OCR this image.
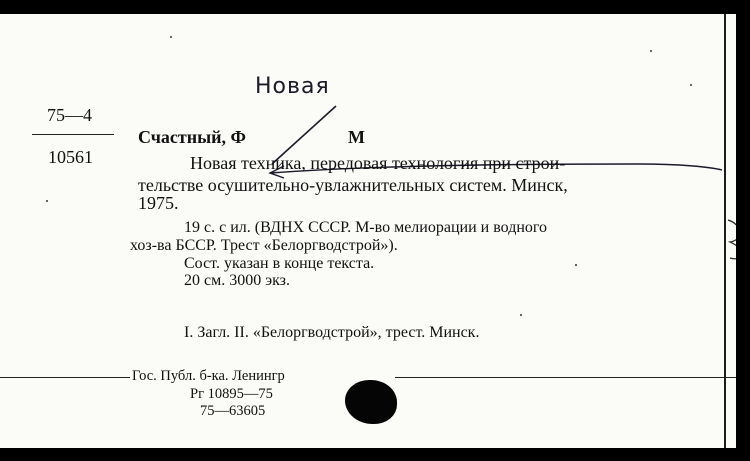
Новая
75—4
10561
Счастный, Ф	М
Новая техника, передовая технология при строи-
тельстве осушительно-увлажнительных систем. Минск,
1975.
19 с. с ил. (ВДНХ СССР. М-во мелиорации и водного
хоз-ва БССР. Трест «Белоргводстрой»).
Сост. указан в конце текста.
20 см. 3000 экз.
I. Загл. II. «Белоргводстрой», трест. Минск.
Гос. Публ. б-ка. Ленингр
Рг 10895—75
75—63605
